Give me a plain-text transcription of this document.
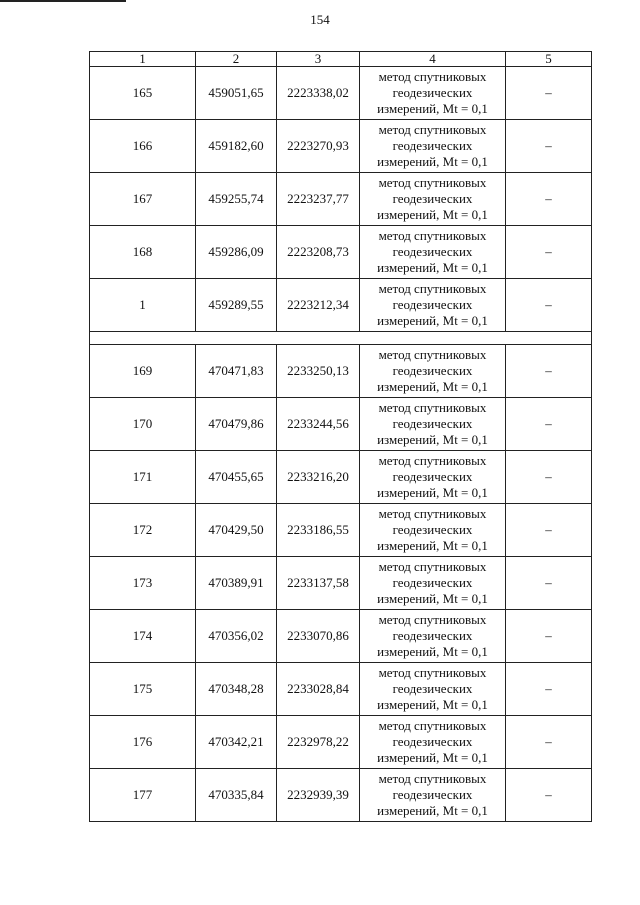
154
1	2	3	4	5
165	459051,65	2223338,02	метод спутниковых
геодезических
измерений, Mt = 0,1	–
166	459182,60	2223270,93	метод спутниковых
геодезических
измерений, Mt = 0,1	–
167	459255,74	2223237,77	метод спутниковых
геодезических
измерений, Mt = 0,1	–
168	459286,09	2223208,73	метод спутниковых
геодезических
измерений, Mt = 0,1	–
1	459289,55	2223212,34	метод спутниковых
геодезических
измерений, Mt = 0,1	–

169	470471,83	2233250,13	метод спутниковых
геодезических
измерений, Mt = 0,1	–
170	470479,86	2233244,56	метод спутниковых
геодезических
измерений, Mt = 0,1	–
171	470455,65	2233216,20	метод спутниковых
геодезических
измерений, Mt = 0,1	–
172	470429,50	2233186,55	метод спутниковых
геодезических
измерений, Mt = 0,1	–
173	470389,91	2233137,58	метод спутниковых
геодезических
измерений, Mt = 0,1	–
174	470356,02	2233070,86	метод спутниковых
геодезических
измерений, Mt = 0,1	–
175	470348,28	2233028,84	метод спутниковых
геодезических
измерений, Mt = 0,1	–
176	470342,21	2232978,22	метод спутниковых
геодезических
измерений, Mt = 0,1	–
177	470335,84	2232939,39	метод спутниковых
геодезических
измерений, Mt = 0,1	–
